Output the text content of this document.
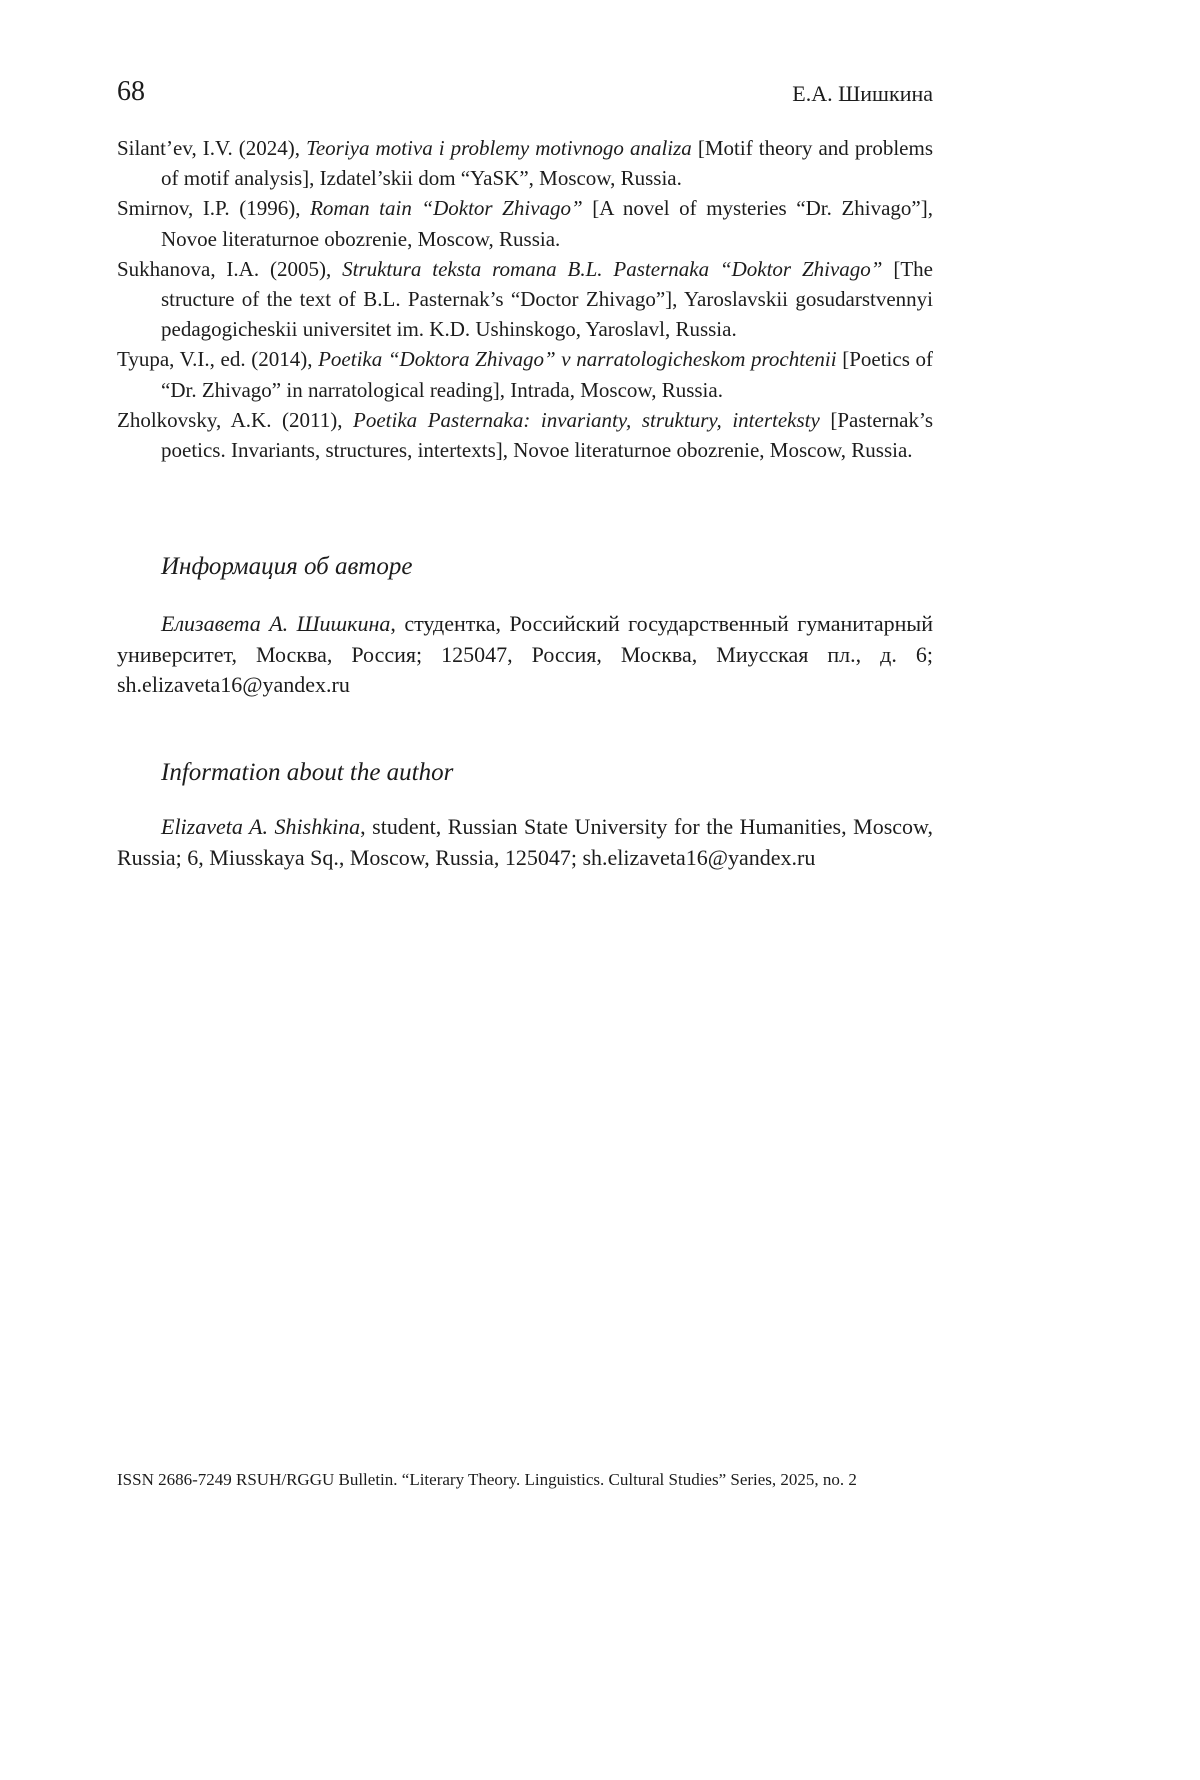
68	Е.А. Шишкина

Silant’ev, I.V. (2024), Teoriya motiva i problemy motivnogo analiza [Motif theory and problems of motif analysis], Izdatel’skii dom “YaSK”, Moscow, Russia.

Smirnov, I.P. (1996), Roman tain “Doktor Zhivago” [A novel of mysteries “Dr. Zhivago”], Novoe literaturnoe obozrenie, Moscow, Russia.

Sukhanova, I.A. (2005), Struktura teksta romana B.L. Pasternaka “Doktor Zhivago” [The structure of the text of B.L. Pasternak’s “Doctor Zhivago”], Yaroslavskii gosudarstvennyi pedagogicheskii universitet im. K.D. Ushinskogo, Yaroslavl, Russia.

Tyupa, V.I., ed. (2014), Poetika “Doktora Zhivago” v narratologicheskom prochtenii [Poetics of “Dr. Zhivago” in narratological reading], Intrada, Moscow, Russia.

Zholkovsky, A.K. (2011), Poetika Pasternaka: invarianty, struktury, interteksty [Pasternak’s poetics. Invariants, structures, intertexts], Novoe literaturnoe obozrenie, Moscow, Russia.

Информация об авторе

Елизавета А. Шишкина, студентка, Российский государственный гуманитарный университет, Москва, Россия; 125047, Россия, Москва, Миусская пл., д. 6; sh.elizaveta16@yandex.ru

Information about the author

Elizaveta A. Shishkina, student, Russian State University for the Humanities, Moscow, Russia; 6, Miusskaya Sq., Moscow, Russia, 125047; sh.elizaveta16@yandex.ru

ISSN 2686-7249 RSUH/RGGU Bulletin. “Literary Theory. Linguistics. Cultural Studies” Series, 2025, no. 2
